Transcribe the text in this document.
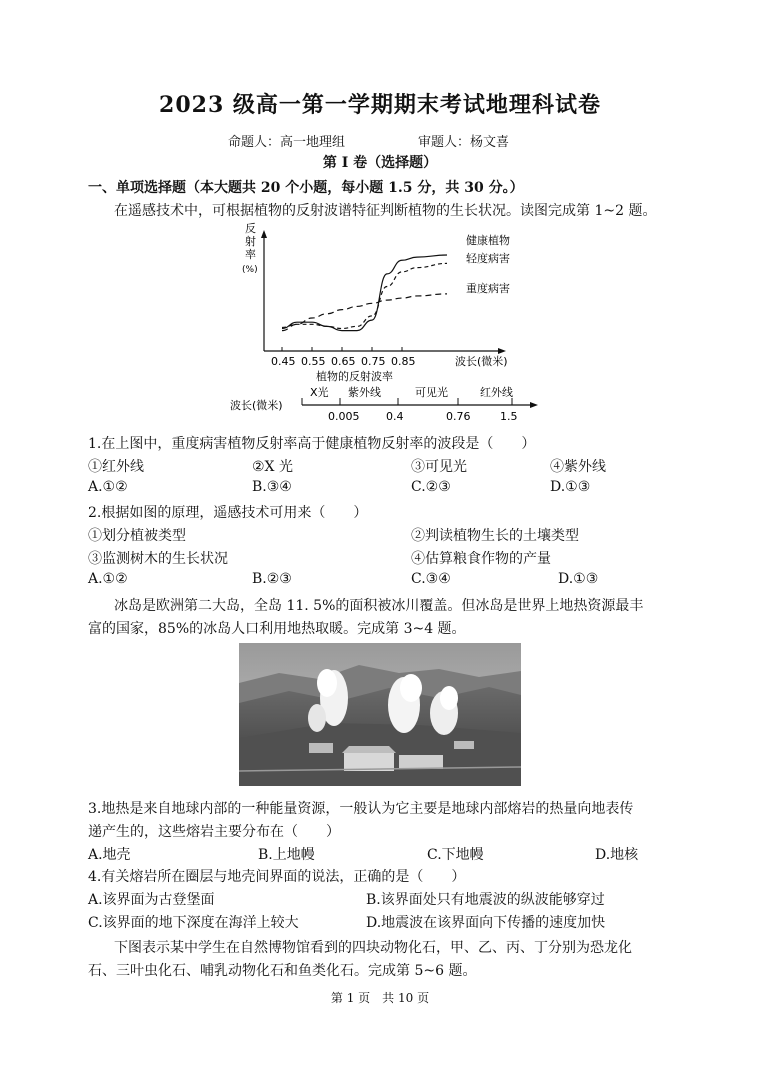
2023 级高一第一学期期末考试地理科试卷
命题人：高一地理组	审题人：杨文喜
第 I 卷（选择题）
一、单项选择题（本大题共 20 个小题，每小题 1.5 分，共 30 分。）
在遥感技术中，可根据植物的反射波谱特征判断植物的生长状况。读图完成第 1~2 题。
反
射
率
(%)
0.45 0.55 0.65 0.75 0.85
健康植物
轻度病害
重度病害
波长(微米)
植物的反射波率
波长(微米)
0.005 0.4	0.76	1.5
X光 紫外线	可见光	红外线
1.在上图中，重度病害植物反射率高于健康植物反射率的波段是（　　）
①红外线	②X 光	③可见光	④紫外线
A.①②	B.③④	C.②③	D.①③
2.根据如图的原理，遥感技术可用来（　　）
①划分植被类型	②判读植物生长的土壤类型
③监测树木的生长状况	④估算粮食作物的产量
A.①②	B.②③	C.③④	D.①③
冰岛是欧洲第二大岛，全岛 11. 5%的面积被冰川覆盖。但冰岛是世界上地热资源最丰
富的国家，85%的冰岛人口利用地热取暖。完成第 3~4 题。
3.地热是来自地球内部的一种能量资源，一般认为它主要是地球内部熔岩的热量向地表传
递产生的，这些熔岩主要分布在（　　）
A.地壳	B.上地幔	C.下地幔	D.地核
4.有关熔岩所在圈层与地壳间界面的说法，正确的是（　　）
A.该界面为古登堡面	B.该界面处只有地震波的纵波能够穿过
C.该界面的地下深度在海洋上较大	D.地震波在该界面向下传播的速度加快
下图表示某中学生在自然博物馆看到的四块动物化石，甲、乙、丙、丁分别为恐龙化
石、三叶虫化石、哺乳动物化石和鱼类化石。完成第 5~6 题。
第 1 页　共 10 页
